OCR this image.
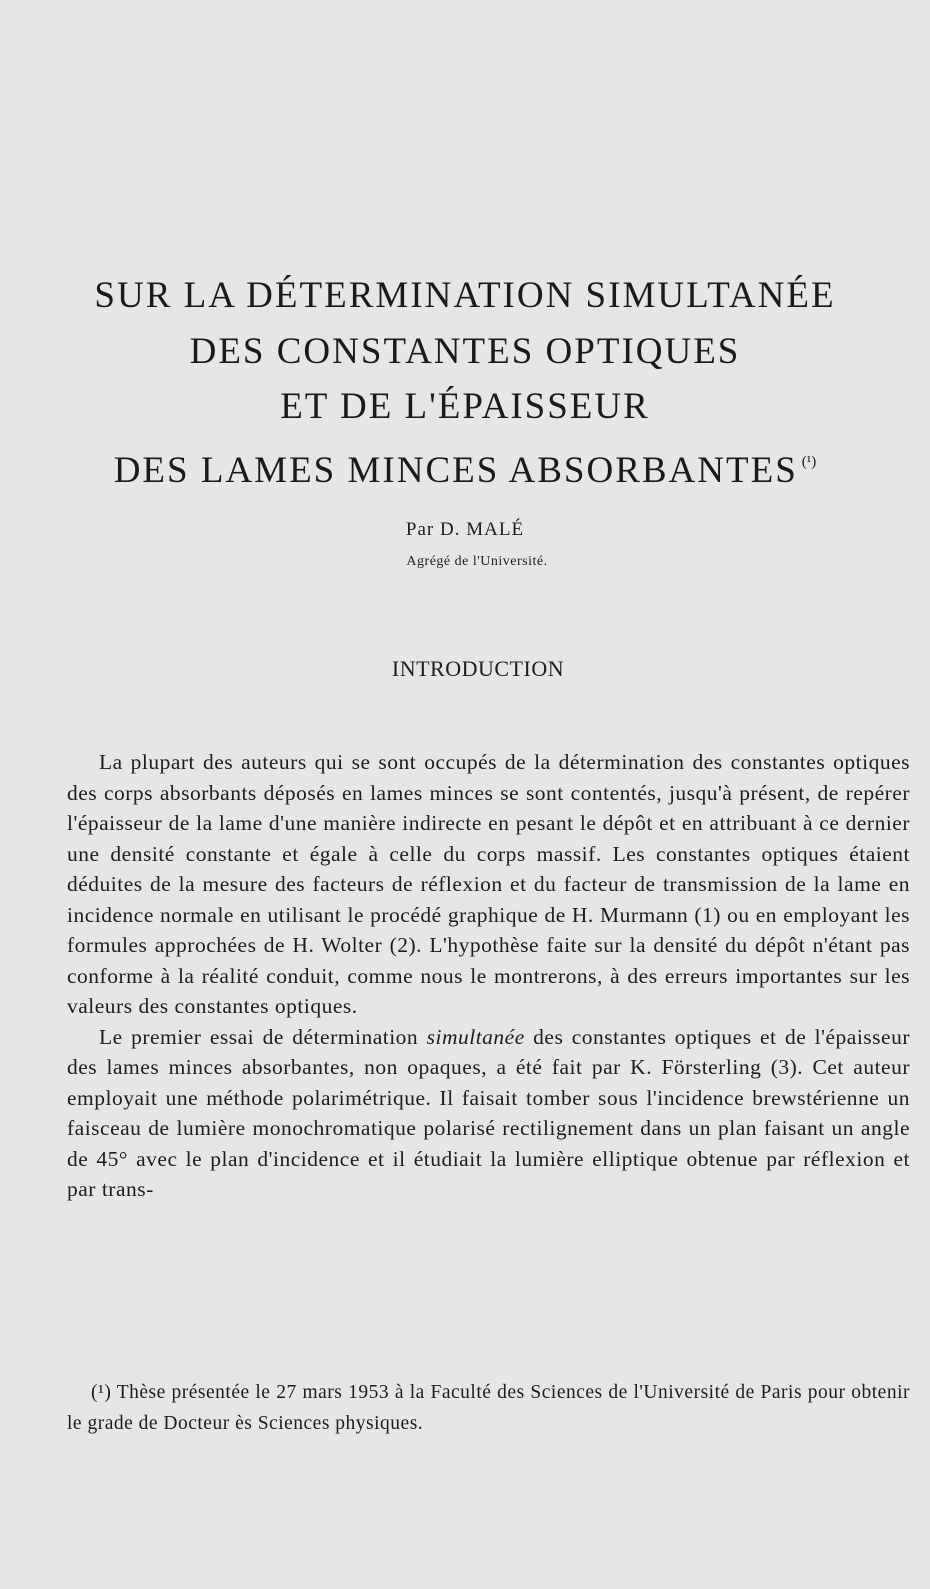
SUR LA DÉTERMINATION SIMULTANÉE
DES CONSTANTES OPTIQUES
ET DE L'ÉPAISSEUR
DES LAMES MINCES ABSORBANTES $^{(^1)}$
Par D. MALÉ
Agrégé de l'Université.
INTRODUCTION

La plupart des auteurs qui se sont occupés de la détermination des constantes optiques des corps absorbants déposés en lames minces se sont contentés, jusqu'à présent, de repérer l'épaisseur de la lame d'une manière indirecte en pesant le dépôt et en attribuant à ce dernier une densité constante et égale à celle du corps massif. Les constantes optiques étaient déduites de la mesure des facteurs de réflexion et du facteur de transmission de la lame en incidence normale en utilisant le procédé graphique de H. Murmann (1) ou en employant les formules approchées de H. Wolter (2). L'hypothèse faite sur la densité du dépôt n'étant pas conforme à la réalité conduit, comme nous le montrerons, à des erreurs importantes sur les valeurs des constantes optiques.

Le premier essai de détermination simultanée des constantes optiques et de l'épaisseur des lames minces absorbantes, non opaques, a été fait par K. Försterling (3). Cet auteur employait une méthode polarimétrique. Il faisait tomber sous l'incidence brewstérienne un faisceau de lumière monochromatique polarisé rectilignement dans un plan faisant un angle de 45° avec le plan d'incidence et il étudiait la lumière elliptique obtenue par réflexion et par trans-

(¹) Thèse présentée le 27 mars 1953 à la Faculté des Sciences de l'Université de Paris pour obtenir le grade de Docteur ès Sciences physiques.
